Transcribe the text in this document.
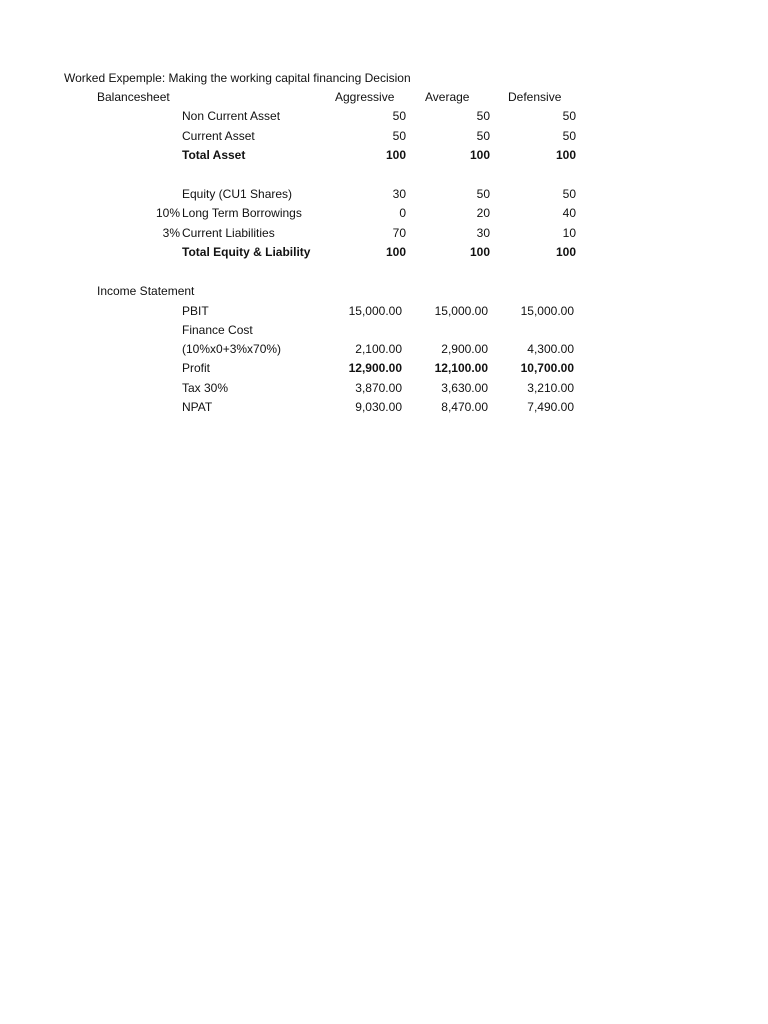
Worked Expemple: Making the working capital financing Decision
Balancesheet	Aggressive	Average	Defensive
Non Current Asset	50	50	50
Current Asset	50	50	50
Total Asset	100	100	100
Equity (CU1 Shares)	30	50	50
10% Long Term Borrowings	0	20	40
3% Current Liabilities	70	30	10
Total Equity & Liability	100	100	100
Income Statement
PBIT	15,000.00	15,000.00	15,000.00
Finance Cost
(10%x0+3%x70%)	2,100.00	2,900.00	4,300.00
Profit	12,900.00	12,100.00	10,700.00
Tax 30%	3,870.00	3,630.00	3,210.00
NPAT	9,030.00	8,470.00	7,490.00
